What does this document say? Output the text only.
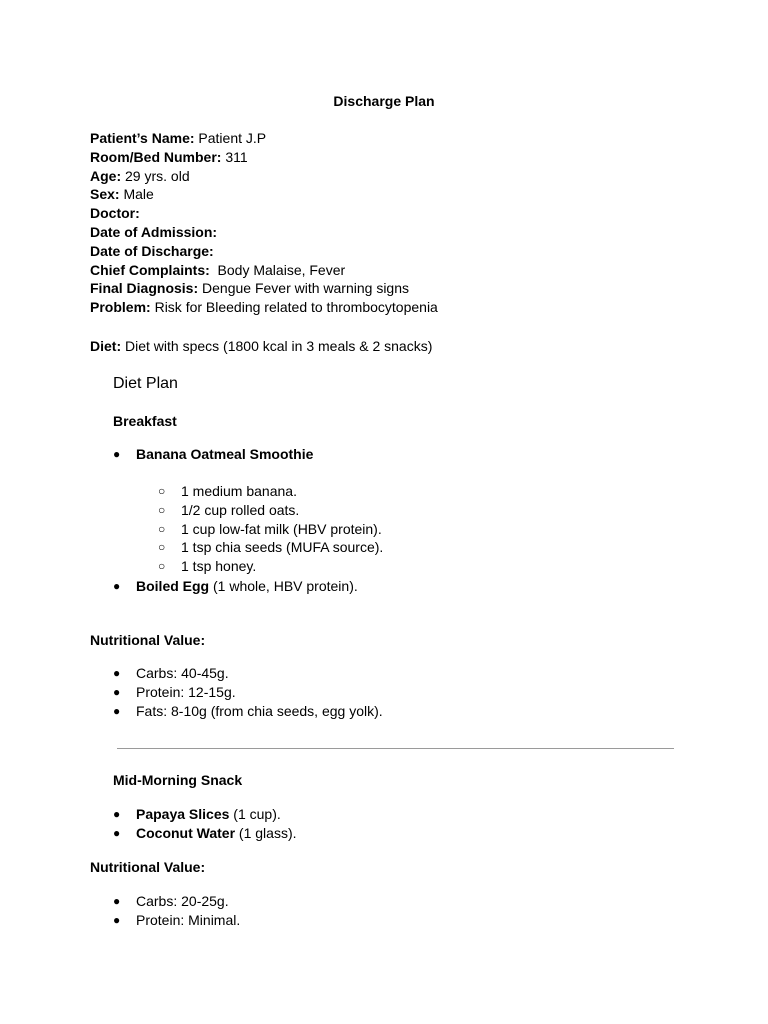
Discharge Plan
Patient’s Name: Patient J.P
Room/Bed Number: 311
Age: 29 yrs. old
Sex: Male
Doctor:
Date of Admission:
Date of Discharge:
Chief Complaints:  Body Malaise, Fever
Final Diagnosis: Dengue Fever with warning signs
Problem: Risk for Bleeding related to thrombocytopenia
Diet: Diet with specs (1800 kcal in 3 meals & 2 snacks)
Diet Plan
Breakfast
●	Banana Oatmeal Smoothie
○ 1 medium banana.
○ 1/2 cup rolled oats.
○ 1 cup low-fat milk (HBV protein).
○ 1 tsp chia seeds (MUFA source).
○ 1 tsp honey.
●	Boiled Egg (1 whole, HBV protein).
Nutritional Value:
●	Carbs: 40-45g.
●	Protein: 12-15g.
●	Fats: 8-10g (from chia seeds, egg yolk).
Mid-Morning Snack
●	Papaya Slices (1 cup).
●	Coconut Water (1 glass).
Nutritional Value:
●	Carbs: 20-25g.
●	Protein: Minimal.
